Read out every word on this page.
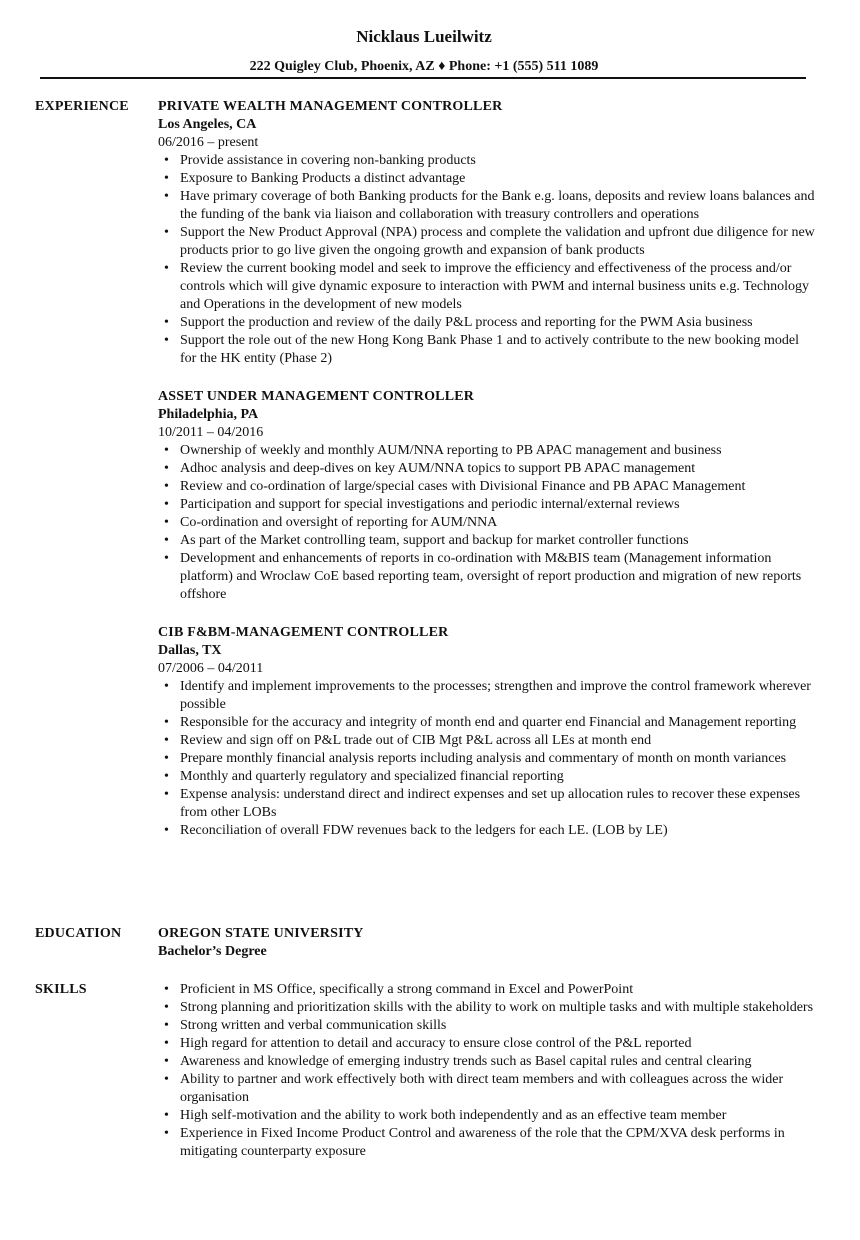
Nicklaus Lueilwitz
222 Quigley Club, Phoenix, AZ ♦ Phone: +1 (555) 511 1089
EXPERIENCE PRIVATE WEALTH MANAGEMENT CONTROLLER
Los Angeles, CA
06/2016 – present
• Provide assistance in covering non-banking products
• Exposure to Banking Products a distinct advantage
• Have primary coverage of both Banking products for the Bank e.g. loans, deposits and review loans balances and the funding of the bank via liaison and collaboration with treasury controllers and operations
• Support the New Product Approval (NPA) process and complete the validation and upfront due diligence for new products prior to go live given the ongoing growth and expansion of bank products
• Review the current booking model and seek to improve the efficiency and effectiveness of the process and/or controls which will give dynamic exposure to interaction with PWM and internal business units e.g. Technology and Operations in the development of new models
• Support the production and review of the daily P&L process and reporting for the PWM Asia business
• Support the role out of the new Hong Kong Bank Phase 1 and to actively contribute to the new booking model for the HK entity (Phase 2)
ASSET UNDER MANAGEMENT CONTROLLER
Philadelphia, PA
10/2011 – 04/2016
• Ownership of weekly and monthly AUM/NNA reporting to PB APAC management and business
• Adhoc analysis and deep-dives on key AUM/NNA topics to support PB APAC management
• Review and co-ordination of large/special cases with Divisional Finance and PB APAC Management
• Participation and support for special investigations and periodic internal/external reviews
• Co-ordination and oversight of reporting for AUM/NNA
• As part of the Market controlling team, support and backup for market controller functions
• Development and enhancements of reports in co-ordination with M&BIS team (Management information platform) and Wroclaw CoE based reporting team, oversight of report production and migration of new reports offshore
CIB F&BM-MANAGEMENT CONTROLLER
Dallas, TX
07/2006 – 04/2011
• Identify and implement improvements to the processes; strengthen and improve the control framework wherever possible
• Responsible for the accuracy and integrity of month end and quarter end Financial and Management reporting
• Review and sign off on P&L trade out of CIB Mgt P&L across all LEs at month end
• Prepare monthly financial analysis reports including analysis and commentary of month on month variances
• Monthly and quarterly regulatory and specialized financial reporting
• Expense analysis: understand direct and indirect expenses and set up allocation rules to recover these expenses from other LOBs
• Reconciliation of overall FDW revenues back to the ledgers for each LE. (LOB by LE)
EDUCATION	OREGON STATE UNIVERSITY
Bachelor’s Degree
SKILLS
•	Proficient in MS Office, specifically a strong command in Excel and PowerPoint
• Strong planning and prioritization skills with the ability to work on multiple tasks and with multiple stakeholders
• Strong written and verbal communication skills
• High regard for attention to detail and accuracy to ensure close control of the P&L reported
• Awareness and knowledge of emerging industry trends such as Basel capital rules and central clearing
• Ability to partner and work effectively both with direct team members and with colleagues across the wider organisation
• High self-motivation and the ability to work both independently and as an effective team member
• Experience in Fixed Income Product Control and awareness of the role that the CPM/XVA desk performs in mitigating counterparty exposure
